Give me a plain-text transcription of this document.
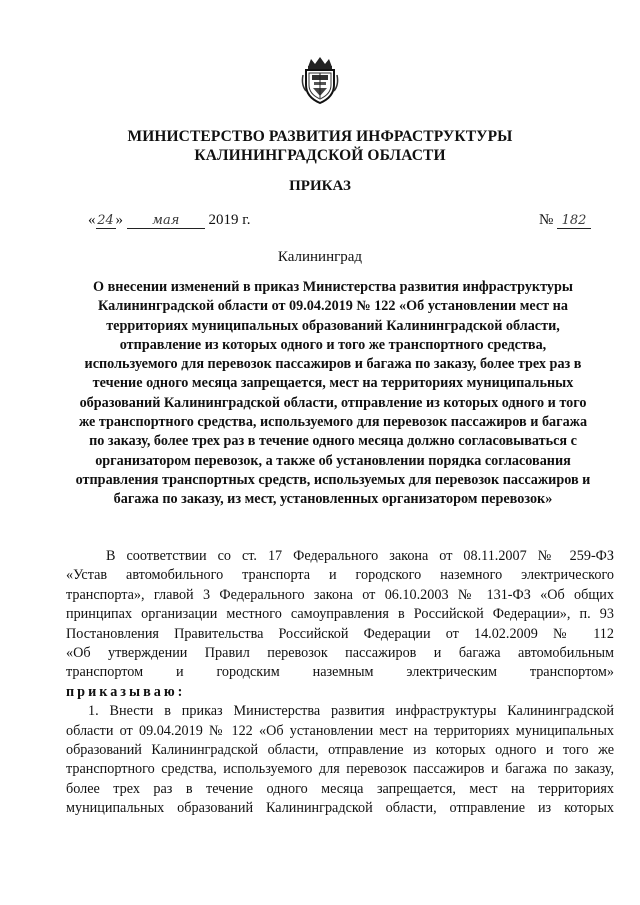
МИНИСТЕРСТВО РАЗВИТИЯ ИНФРАСТРУКТУРЫ
КАЛИНИНГРАДСКОЙ ОБЛАСТИ
ПРИКАЗ
« 24 » мая 2019 г.	№ 182
Калининград
О внесении изменений в приказ Министерства развития инфраструктуры
Калининградской области от 09.04.2019 № 122 «Об установлении мест на
территориях муниципальных образований Калининградской области,
отправление из которых одного и того же транспортного средства,
используемого для перевозок пассажиров и багажа по заказу, более трех раз в
течение одного месяца запрещается, мест на территориях муниципальных
образований Калининградской области, отправление из которых одного и того
же транспортного средства, используемого для перевозок пассажиров и багажа
по заказу, более трех раз в течение одного месяца должно согласовываться с
организатором перевозок, а также об установлении порядка согласования
отправления транспортных средств, используемых для перевозок пассажиров и
багажа по заказу, из мест, установленных организатором перевозок»
В соответствии со ст. 17 Федерального закона от 08.11.2007 № 259-ФЗ
«Устав автомобильного транспорта и городского наземного электрического
транспорта», главой 3 Федерального закона от 06.10.2003 № 131-ФЗ «Об общих
принципах организации местного самоуправления в Российской Федерации», п. 93
Постановления Правительства Российской Федерации от 14.02.2009 № 112
«Об утверждении Правил перевозок пассажиров и багажа автомобильным
транспортом и городским наземным электрическим транспортом»
приказываю:
1. Внести в приказ Министерства развития инфраструктуры Калининградской
области от 09.04.2019 № 122 «Об установлении мест на территориях муниципальных
образований Калининградской области, отправление из которых одного и того же
транспортного средства, используемого для перевозок пассажиров и багажа по заказу,
более трех раз в течение одного месяца запрещается, мест на территориях
муниципальных образований Калининградской области, отправление из которых
